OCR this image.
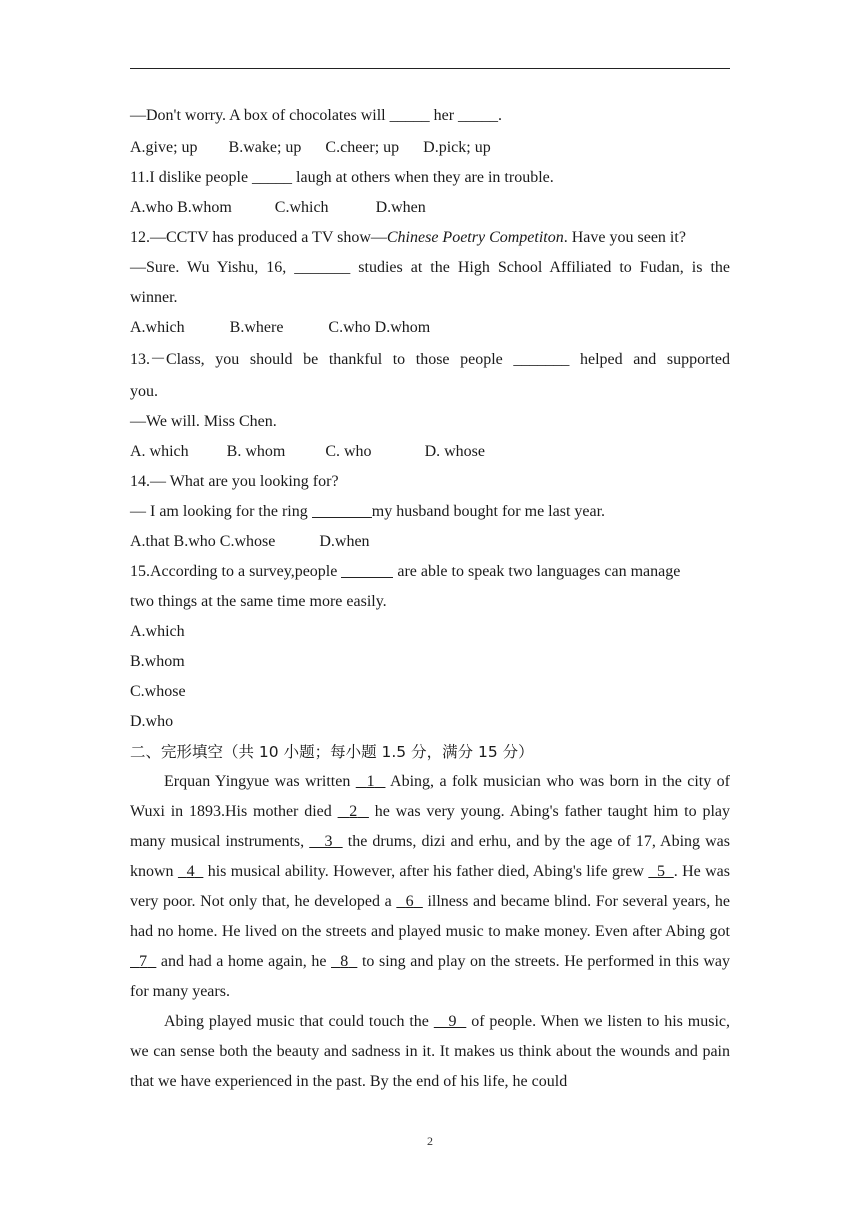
—Don't worry. A box of chocolates will _____ her _____.
A.give; up B.wake; up C.cheer; up D.pick; up
11.I dislike people _____ laugh at others when they are in trouble.
A.who B.whom	C.which	D.when
12.—CCTV has produced a TV show—Chinese Poetry Competiton. Have you seen it?
—Sure. Wu Yishu, 16, _______ studies at the High School Affiliated to Fudan, is the
winner.
A.which	B.where	C.who D.whom
13.－Class, you should be thankful to those people _______ helped and supported
you.
—We will. Miss Chen.
A. which B. whom	C. who	D. whose
14.— What are you looking for?
— I am looking for the ring	my husband bought for me last year.
A.that B.who C.whose	D.when
15.According to a survey,people	are able to speak two languages can manage
two things at the same time more easily.
A.which
B.whom
C.whose
D.who
二、完形填空（共 10 小题；每小题 1.5 分，满分 15 分）
Erquan Yingyue was written   1   Abing, a folk musician who was born in the city of Wuxi in 1893.His mother died   2   he was very young. Abing's father taught him to play many musical instruments,    3   the drums, dizi and erhu, and by the age of 17, Abing was known   4   his musical ability. However, after his father died, Abing's life grew   5 . He was very poor. Not only that, he developed a   6   illness and became blind. For several years, he had no home. He lived on the streets and played music to make money. Even after Abing got   7   and had a home again, he   8   to sing and play on the streets. He performed in this way for many years.
Abing played music that could touch the    9   of people. When we listen to his music, we can sense both the beauty and sadness in it. It makes us think about the wounds and pain that we have experienced in the past. By the end of his life, he could
2
